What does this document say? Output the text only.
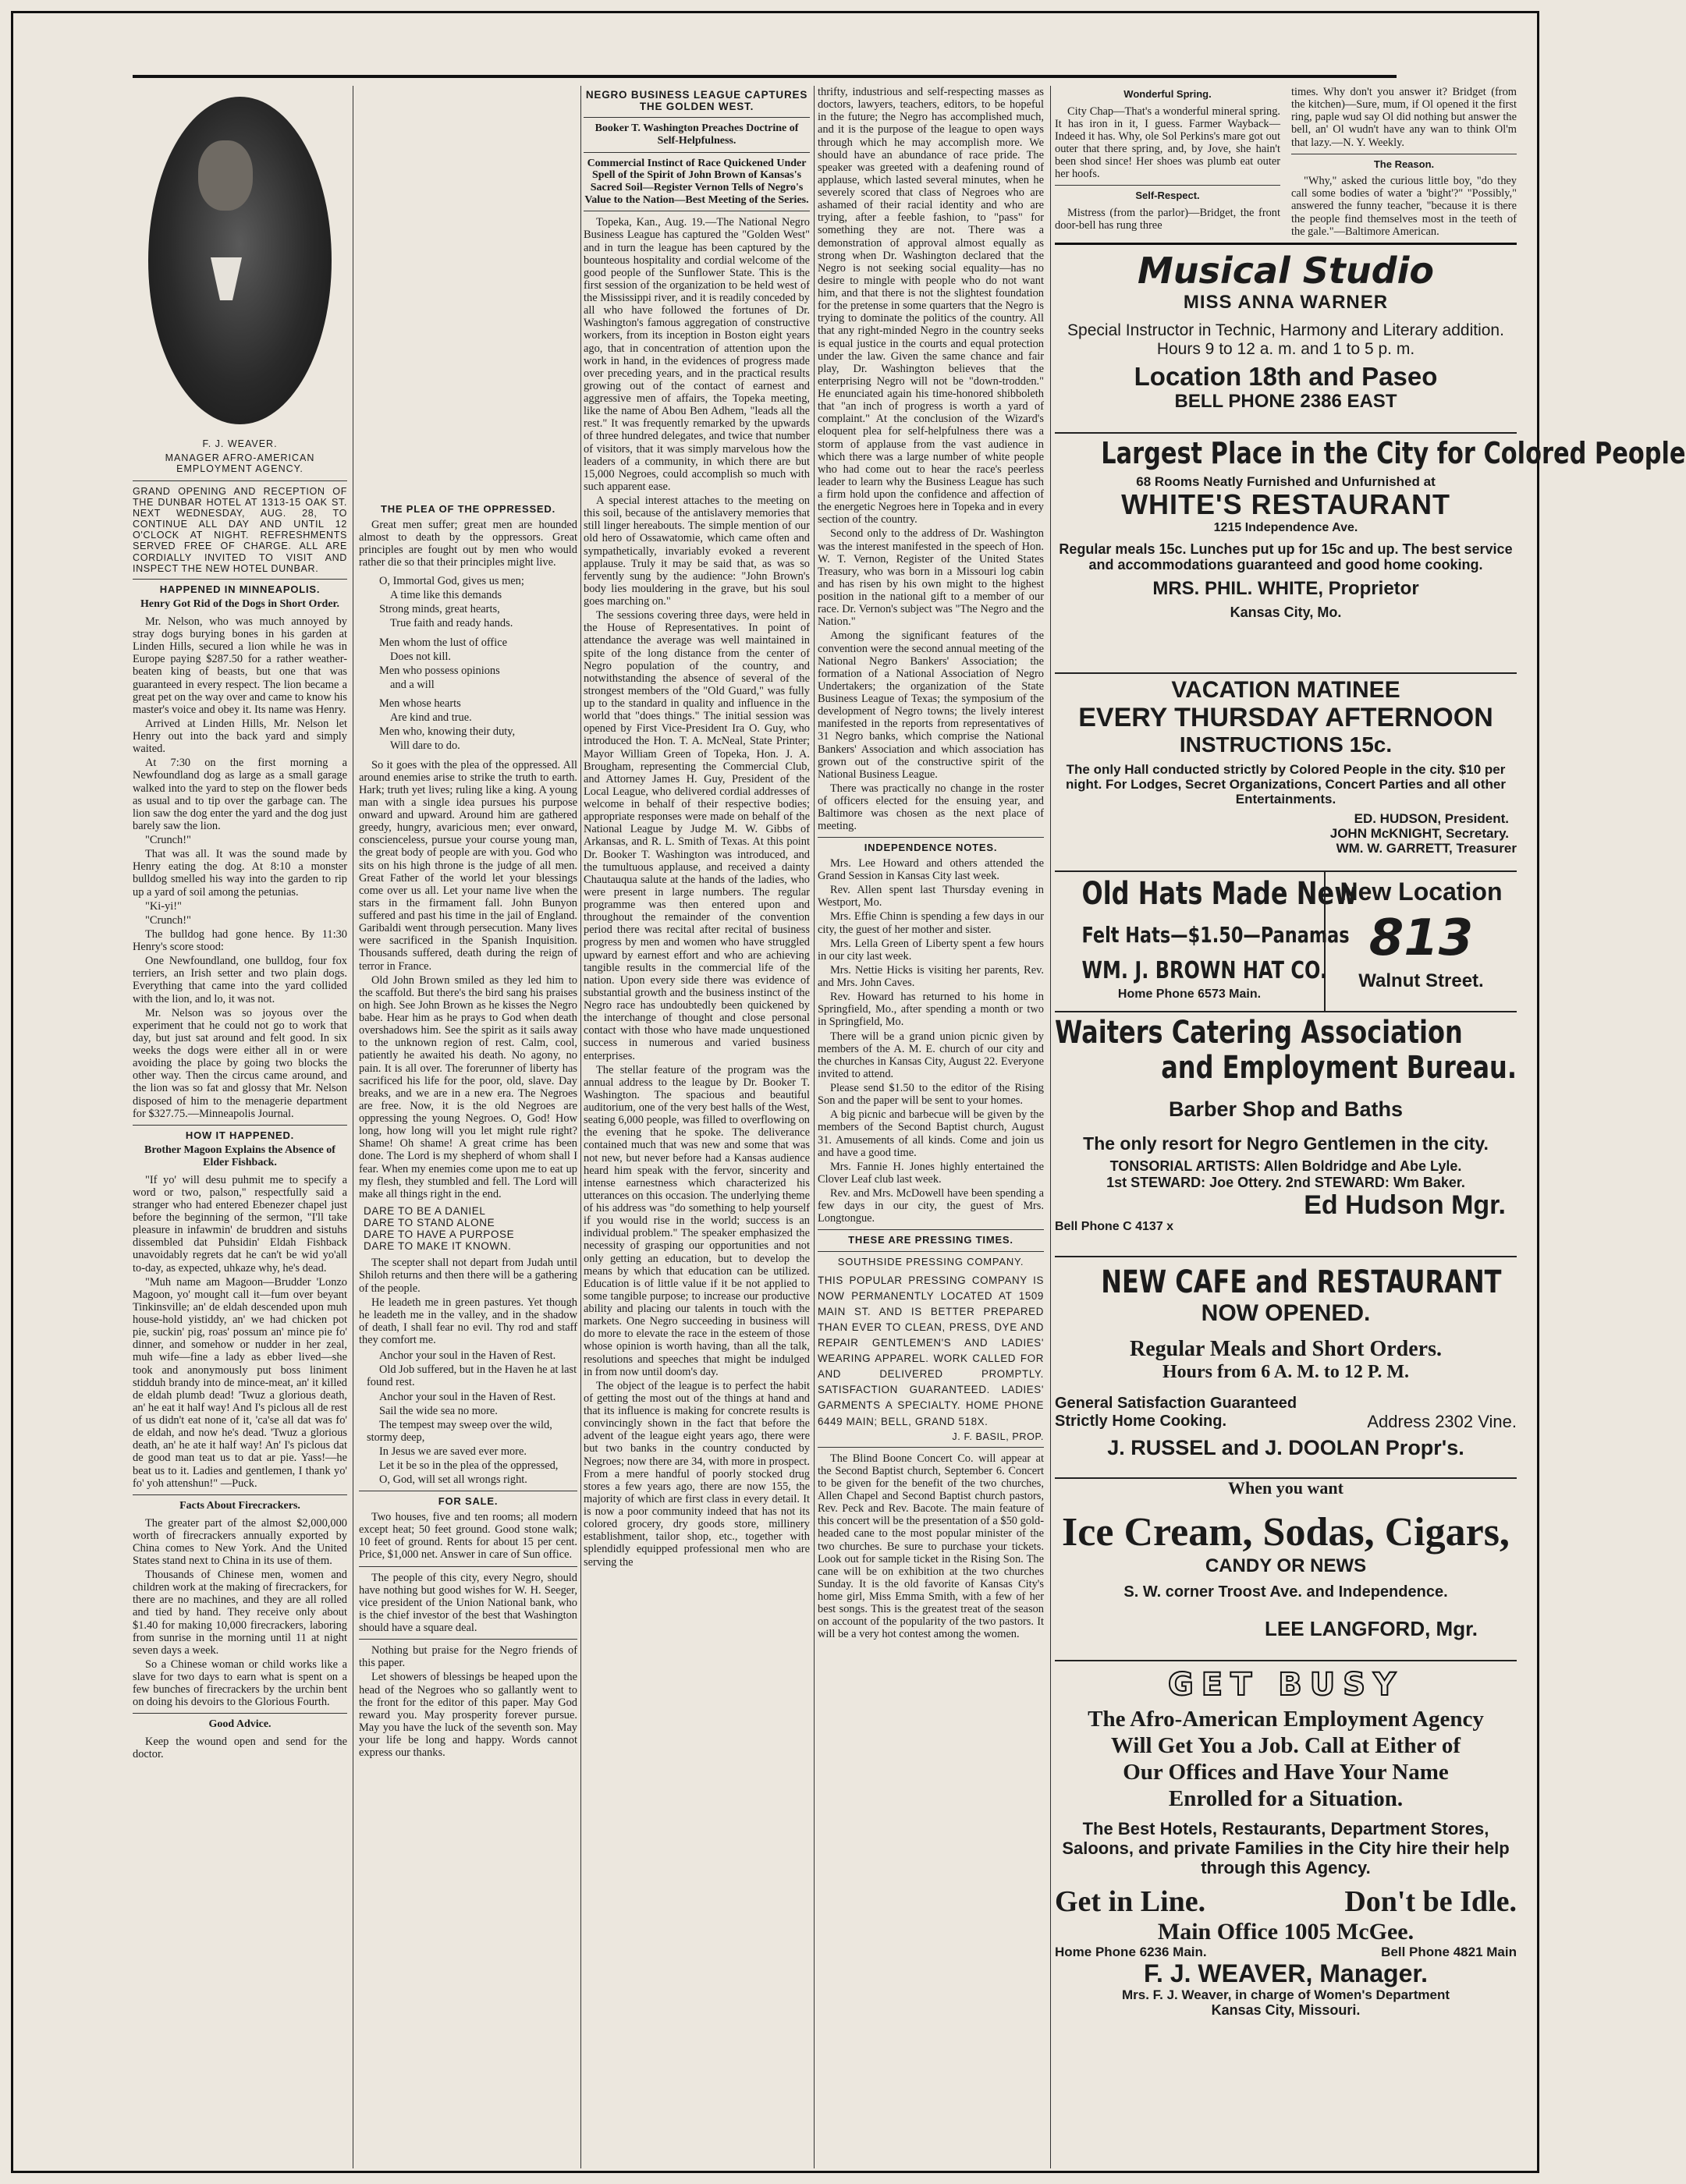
F. J. WEAVER.
MANAGER AFRO-AMERICAN EMPLOYMENT AGENCY.

GRAND OPENING AND RECEPTION OF THE DUNBAR HOTEL AT 1313-15 OAK ST. NEXT WEDNESDAY, AUG. 28, TO CONTINUE ALL DAY AND UNTIL 12 O'CLOCK AT NIGHT. REFRESHMENTS SERVED FREE OF CHARGE. ALL ARE CORDIALLY INVITED TO VISIT AND INSPECT THE NEW HOTEL DUNBAR.

HAPPENED IN MINNEAPOLIS.
Henry Got Rid of the Dogs in Short Order.

Mr. Nelson, who was much annoyed by stray dogs burying bones in his garden at Linden Hills, secured a lion while he was in Europe paying $287.50 for a rather weather-beaten king of beasts, but one that was guaranteed in every respect. The lion became a great pet on the way over and came to know his master's voice and obey it. Its name was Henry.

Arrived at Linden Hills, Mr. Nelson let Henry out into the back yard and simply waited.

At 7:30 on the first morning a Newfoundland dog as large as a small garage walked into the yard to step on the flower beds as usual and to tip over the garbage can. The lion saw the dog enter the yard and the dog just barely saw the lion.

"Crunch!"

That was all. It was the sound made by Henry eating the dog. At 8:10 a monster bulldog smelled his way into the garden to rip up a yard of soil among the petunias.

"Ki-yi!"

"Crunch!"

The bulldog had gone hence. By 11:30 Henry's score stood:

One Newfoundland, one bulldog, four fox terriers, an Irish setter and two plain dogs. Everything that came into the yard collided with the lion, and lo, it was not.

Mr. Nelson was so joyous over the experiment that he could not go to work that day, but just sat around and felt good. In six weeks the dogs were either all in or were avoiding the place by going two blocks the other way. Then the circus came around, and the lion was so fat and glossy that Mr. Nelson disposed of him to the menagerie department for $327.75.—Minneapolis Journal.

HOW IT HAPPENED.
Brother Magoon Explains the Absence of Elder Fishback.

"If yo' will desu puhmit me to specify a word or two, palson," respectfully said a stranger who had entered Ebenezer chapel just before the beginning of the sermon, "I'll take pleasure in infawmin' de bruddren and sistuhs dissembled dat Puhsidin' Eldah Fishback unavoidably regrets dat he can't be wid yo'all to-day, as expected, uhkaze why, he's dead.

"Muh name am Magoon—Brudder 'Lonzo Magoon, yo' mought call it—fum over beyant Tinkinsville; an' de eldah descended upon muh house-hold yistiddy, an' we had chicken pot pie, suckin' pig, roas' possum an' mince pie fo' dinner, and somehow or nudder in her zeal, muh wife—fine a lady as ebber lived—she took and anonymously put boss liniment stidduh brandy into de mince-meat, an' it killed de eldah plumb dead! 'Twuz a glorious death, an' he eat it half way! And I's piclous all de rest of us didn't eat none of it, 'ca'se all dat was fo' de eldah, and now he's dead. 'Twuz a glorious death, an' he ate it half way! An' I's piclous dat de good man teat us to dat ar pie. Yass!—he beat us to it. Ladies and gentlemen, I thank yo' fo' yoh attenshun!" —Puck.

Facts About Firecrackers.

The greater part of the almost $2,000,000 worth of firecrackers annually exported by China comes to New York. And the United States stand next to China in its use of them.

Thousands of Chinese men, women and children work at the making of firecrackers, for there are no machines, and they are all rolled and tied by hand. They receive only about $1.40 for making 10,000 firecrackers, laboring from sunrise in the morning until 11 at night seven days a week.

So a Chinese woman or child works like a slave for two days to earn what is spent on a few bunches of firecrackers by the urchin bent on doing his devoirs to the Glorious Fourth.

Good Advice.

Keep the wound open and send for the doctor.

THE PLEA OF THE OPPRESSED.

Great men suffer; great men are hounded almost to death by the oppressors. Great principles are fought out by men who would rather die so that their principles might live.

O, Immortal God, gives us men;

A time like this demands

Strong minds, great hearts,

True faith and ready hands.

Men whom the lust of office

Does not kill.

Men who possess opinions

and a will

Men whose hearts

Are kind and true.

Men who, knowing their duty,

Will dare to do.

So it goes with the plea of the oppressed. All around enemies arise to strike the truth to earth. Hark; truth yet lives; ruling like a king. A young man with a single idea pursues his purpose onward and upward. Around him are gathered greedy, hungry, avaricious men; ever onward, conscienceless, pursue your course young man, the great body of people are with you. God who sits on his high throne is the judge of all men. Great Father of the world let your blessings come over us all. Let your name live when the stars in the firmament fall. John Bunyon suffered and past his time in the jail of England. Garibaldi went through persecution. Many lives were sacrificed in the Spanish Inquisition. Thousands suffered, death during the reign of terror in France.

Old John Brown smiled as they led him to the scaffold. But there's the bird sang his praises on high. See John Brown as he kisses the Negro babe. Hear him as he prays to God when death overshadows him. See the spirit as it sails away to the unknown region of rest. Calm, cool, patiently he awaited his death. No agony, no pain. It is all over. The forerunner of liberty has sacrificed his life for the poor, old, slave. Day breaks, and we are in a new era. The Negroes are free. Now, it is the old Negroes are oppressing the young Negroes. O, God! How long, how long will you let might rule right? Shame! Oh shame! A great crime has been done. The Lord is my shepherd of whom shall I fear. When my enemies come upon me to eat up my flesh, they stumbled and fell. The Lord will make all things right in the end.

DARE TO BE A DANIEL
DARE TO STAND ALONE
DARE TO HAVE A PURPOSE
DARE TO MAKE IT KNOWN.

The scepter shall not depart from Judah until Shiloh returns and then there will be a gathering of the people.

He leadeth me in green pastures. Yet though he leadeth me in the valley, and in the shadow of death, I shall fear no evil. Thy rod and staff they comfort me.

Anchor your soul in the Haven of Rest.

Old Job suffered, but in the Haven he at last found rest.

Anchor your soul in the Haven of Rest.

Sail the wide sea no more.

The tempest may sweep over the wild, stormy deep,

In Jesus we are saved ever more.

Let it be so in the plea of the oppressed,

O, God, will set all wrongs right.

FOR SALE.

Two houses, five and ten rooms; all modern except heat; 50 feet ground. Good stone walk; 10 feet of ground. Rents for about 15 per cent. Price, $1,000 net. Answer in care of Sun office.

The people of this city, every Negro, should have nothing but good wishes for W. H. Seeger, vice president of the Union National bank, who is the chief investor of the best that Washington should have a square deal.

Nothing but praise for the Negro friends of this paper.

Let showers of blessings be heaped upon the head of the Negroes who so gallantly went to the front for the editor of this paper. May God reward you. May prosperity forever pursue. May you have the luck of the seventh son. May your life be long and happy. Words cannot express our thanks.

NEGRO BUSINESS LEAGUE CAPTURES THE GOLDEN WEST.
Booker T. Washington Preaches Doctrine of Self-Helpfulness.
Commercial Instinct of Race Quickened Under Spell of the Spirit of John Brown of Kansas's Sacred Soil—Register Vernon Tells of Negro's Value to the Nation—Best Meeting of the Series.

Topeka, Kan., Aug. 19.—The National Negro Business League has captured the "Golden West" and in turn the league has been captured by the bounteous hospitality and cordial welcome of the good people of the Sunflower State. This is the first session of the organization to be held west of the Mississippi river, and it is readily conceded by all who have followed the fortunes of Dr. Washington's famous aggregation of constructive workers, from its inception in Boston eight years ago, that in concentration of attention upon the work in hand, in the evidences of progress made over preceding years, and in the practical results growing out of the contact of earnest and aggressive men of affairs, the Topeka meeting, like the name of Abou Ben Adhem, "leads all the rest." It was frequently remarked by the upwards of three hundred delegates, and twice that number of visitors, that it was simply marvelous how the leaders of a community, in which there are but 15,000 Negroes, could accomplish so much with such apparent ease.

A special interest attaches to the meeting on this soil, because of the antislavery memories that still linger hereabouts. The simple mention of our old hero of Ossawatomie, which came often and sympathetically, invariably evoked a reverent applause. Truly it may be said that, as was so fervently sung by the audience: "John Brown's body lies mouldering in the grave, but his soul goes marching on."

The sessions covering three days, were held in the House of Representatives. In point of attendance the average was well maintained in spite of the long distance from the center of Negro population of the country, and notwithstanding the absence of several of the strongest members of the "Old Guard," was fully up to the standard in quality and influence in the world that "does things." The initial session was opened by First Vice-President Ira O. Guy, who introduced the Hon. T. A. McNeal, State Printer; Mayor William Green of Topeka, Hon. J. A. Brougham, representing the Commercial Club, and Attorney James H. Guy, President of the Local League, who delivered cordial addresses of welcome in behalf of their respective bodies; appropriate responses were made on behalf of the National League by Judge M. W. Gibbs of Arkansas, and R. L. Smith of Texas. At this point Dr. Booker T. Washington was introduced, and the tumultuous applause, and received a dainty Chautauqua salute at the hands of the ladies, who were present in large numbers. The regular programme was then entered upon and throughout the remainder of the convention period there was recital after recital of business progress by men and women who have struggled upward by earnest effort and who are achieving tangible results in the commercial life of the nation. Upon every side there was evidence of substantial growth and the business instinct of the Negro race has undoubtedly been quickened by the interchange of thought and close personal contact with those who have made unquestioned success in numerous and varied business enterprises.

The stellar feature of the program was the annual address to the league by Dr. Booker T. Washington. The spacious and beautiful auditorium, one of the very best halls of the West, seating 6,000 people, was filled to overflowing on the evening that he spoke. The deliverance contained much that was new and some that was not new, but never before had a Kansas audience heard him speak with the fervor, sincerity and intense earnestness which characterized his utterances on this occasion. The underlying theme of his address was "do something to help yourself if you would rise in the world; success is an individual problem." The speaker emphasized the necessity of grasping our opportunities and not only getting an education, but to develop the means by which that education can be utilized. Education is of little value if it be not applied to some tangible purpose; to increase our productive ability and placing our talents in touch with the markets. One Negro succeeding in business will do more to elevate the race in the esteem of those whose opinion is worth having, than all the talk, resolutions and speeches that might be indulged in from now until doom's day.

The object of the league is to perfect the habit of getting the most out of the things at hand and that its influence is making for concrete results is convincingly shown in the fact that before the advent of the league eight years ago, there were but two banks in the country conducted by Negroes; now there are 34, with more in prospect. From a mere handful of poorly stocked drug stores a few years ago, there are now 155, the majority of which are first class in every detail. It is now a poor community indeed that has not its colored grocery, dry goods store, millinery establishment, tailor shop, etc., together with splendidly equipped professional men who are serving the

thrifty, industrious and self-respecting masses as doctors, lawyers, teachers, editors, to be hopeful in the future; the Negro has accomplished much, and it is the purpose of the league to open ways through which he may accomplish more. We should have an abundance of race pride. The speaker was greeted with a deafening round of applause, which lasted several minutes, when he severely scored that class of Negroes who are ashamed of their racial identity and who are trying, after a feeble fashion, to "pass" for something they are not. There was a demonstration of approval almost equally as strong when Dr. Washington declared that the Negro is not seeking social equality—has no desire to mingle with people who do not want him, and that there is not the slightest foundation for the pretense in some quarters that the Negro is trying to dominate the politics of the country. All that any right-minded Negro in the country seeks is equal justice in the courts and equal protection under the law. Given the same chance and fair play, Dr. Washington believes that the enterprising Negro will not be "down-trodden." He enunciated again his time-honored shibboleth that "an inch of progress is worth a yard of complaint." At the conclusion of the Wizard's eloquent plea for self-helpfulness there was a storm of applause from the vast audience in which there was a large number of white people who had come out to hear the race's peerless leader to learn why the Business League has such a firm hold upon the confidence and affection of the energetic Negroes here in Topeka and in every section of the country.

Second only to the address of Dr. Washington was the interest manifested in the speech of Hon. W. T. Vernon, Register of the United States Treasury, who was born in a Missouri log cabin and has risen by his own might to the highest position in the national gift to a member of our race. Dr. Vernon's subject was "The Negro and the Nation."

Among the significant features of the convention were the second annual meeting of the National Negro Bankers' Association; the formation of a National Association of Negro Undertakers; the organization of the State Business League of Texas; the symposium of the development of Negro towns; the lively interest manifested in the reports from representatives of 31 Negro banks, which comprise the National Bankers' Association and which association has grown out of the constructive spirit of the National Business League.

There was practically no change in the roster of officers elected for the ensuing year, and Baltimore was chosen as the next place of meeting.

INDEPENDENCE NOTES.

Mrs. Lee Howard and others attended the Grand Session in Kansas City last week.

Rev. Allen spent last Thursday evening in Westport, Mo.

Mrs. Effie Chinn is spending a few days in our city, the guest of her mother and sister.

Mrs. Lella Green of Liberty spent a few hours in our city last week.

Mrs. Nettie Hicks is visiting her parents, Rev. and Mrs. John Caves.

Rev. Howard has returned to his home in Springfield, Mo., after spending a month or two in Springfield, Mo.

There will be a grand union picnic given by members of the A. M. E. church of our city and the churches in Kansas City, August 22. Everyone invited to attend.

Please send $1.50 to the editor of the Rising Son and the paper will be sent to your homes.

A big picnic and barbecue will be given by the members of the Second Baptist church, August 31. Amusements of all kinds. Come and join us and have a good time.

Mrs. Fannie H. Jones highly entertained the Clover Leaf club last week.

Rev. and Mrs. McDowell have been spending a few days in our city, the guest of Mrs. Longtongue.

THESE ARE PRESSING TIMES.
SOUTHSIDE PRESSING COMPANY.

THIS POPULAR PRESSING COMPANY IS NOW PERMANENTLY LOCATED AT 1509 MAIN ST. AND IS BETTER PREPARED THAN EVER TO CLEAN, PRESS, DYE AND REPAIR GENTLEMEN'S AND LADIES' WEARING APPAREL. WORK CALLED FOR AND DELIVERED PROMPTLY. SATISFACTION GUARANTEED. LADIES' GARMENTS A SPECIALTY. HOME PHONE 6449 MAIN; BELL, GRAND 518X.

J. F. BASIL, PROP.

The Blind Boone Concert Co. will appear at the Second Baptist church, September 6. Concert to be given for the benefit of the two churches, Allen Chapel and Second Baptist church pastors, Rev. Peck and Rev. Bacote. The main feature of this concert will be the presentation of a $50 gold-headed cane to the most popular minister of the two churches. Be sure to purchase your tickets. Look out for sample ticket in the Rising Son. The cane will be on exhibition at the two churches Sunday. It is the old favorite of Kansas City's home girl, Miss Emma Smith, with a few of her best songs. This is the greatest treat of the season on account of the popularity of the two pastors. It will be a very hot contest among the women.

Wonderful Spring.

City Chap—That's a wonderful mineral spring. It has iron in it, I guess. Farmer Wayback—Indeed it has. Why, ole Sol Perkins's mare got out outer that there spring, and, by Jove, she hain't been shod since! Her shoes was plumb eat outer her hoofs.

Self-Respect.

Mistress (from the parlor)—Bridget, the front door-bell has rung three

times. Why don't you answer it? Bridget (from the kitchen)—Sure, mum, if Ol opened it the first ring, paple wud say Ol did nothing but answer the bell, an' Ol wudn't have any wan to think Ol'm that lazy.—N. Y. Weekly.

The Reason.

"Why," asked the curious little boy, "do they call some bodies of water a 'bight'?" "Possibly," answered the funny teacher, "because it is there the people find themselves most in the teeth of the gale."—Baltimore American.

Musical Studio
MISS ANNA WARNER
Special Instructor in Technic, Harmony and Literary addition. Hours 9 to 12 a. m. and 1 to 5 p. m.
Location 18th and Paseo
BELL PHONE 2386 EAST
Largest Place in the City for Colored People
68 Rooms Neatly Furnished and Unfurnished at
WHITE'S RESTAURANT
1215 Independence Ave.
Regular meals 15c. Lunches put up for 15c and up. The best service and accommodations guaranteed and good home cooking.
MRS. PHIL. WHITE, Proprietor
Kansas City, Mo.
VACATION MATINEE
EVERY THURSDAY AFTERNOON
INSTRUCTIONS 15c.
The only Hall conducted strictly by Colored People in the city. $10 per night. For Lodges, Secret Organizations, Concert Parties and all other Entertainments.
ED. HUDSON, President.
JOHN McKNIGHT, Secretary.
WM. W. GARRETT, Treasurer
Old Hats Made New
Felt Hats—$1.50—Panamas
WM. J. BROWN HAT CO.
Home Phone 6573 Main.
New Location
813
Walnut Street.
Waiters Catering Association
and Employment Bureau.
Barber Shop and Baths
The only resort for Negro Gentlemen in the city.
TONSORIAL ARTISTS: Allen Boldridge and Abe Lyle.
1st STEWARD: Joe Ottery. 2nd STEWARD: Wm Baker.
Ed Hudson Mgr.
Bell Phone C 4137 x
NEW CAFE and RESTAURANT
NOW OPENED.
Regular Meals and Short Orders.
Hours from 6 A. M. to 12 P. M.
General Satisfaction Guaranteed
Strictly Home Cooking.	Address 2302 Vine.
J. RUSSEL and J. DOOLAN Propr's.
When you want
Ice Cream, Sodas, Cigars,
CANDY OR NEWS
S. W. corner Troost Ave. and Independence.
LEE LANGFORD, Mgr.
GET BUSY
The Afro-American Employment Agency
Will Get You a Job. Call at Either of
Our Offices and Have Your Name
Enrolled for a Situation.
The Best Hotels, Restaurants, Department Stores, Saloons, and private Families in the City hire their help through this Agency.
Get in Line.	Don't be Idle.
Main Office 1005 McGee.
Home Phone 6236 Main.	Bell Phone 4821 Main
F. J. WEAVER, Manager.
Mrs. F. J. Weaver, in charge of Women's Department
Kansas City, Missouri.
